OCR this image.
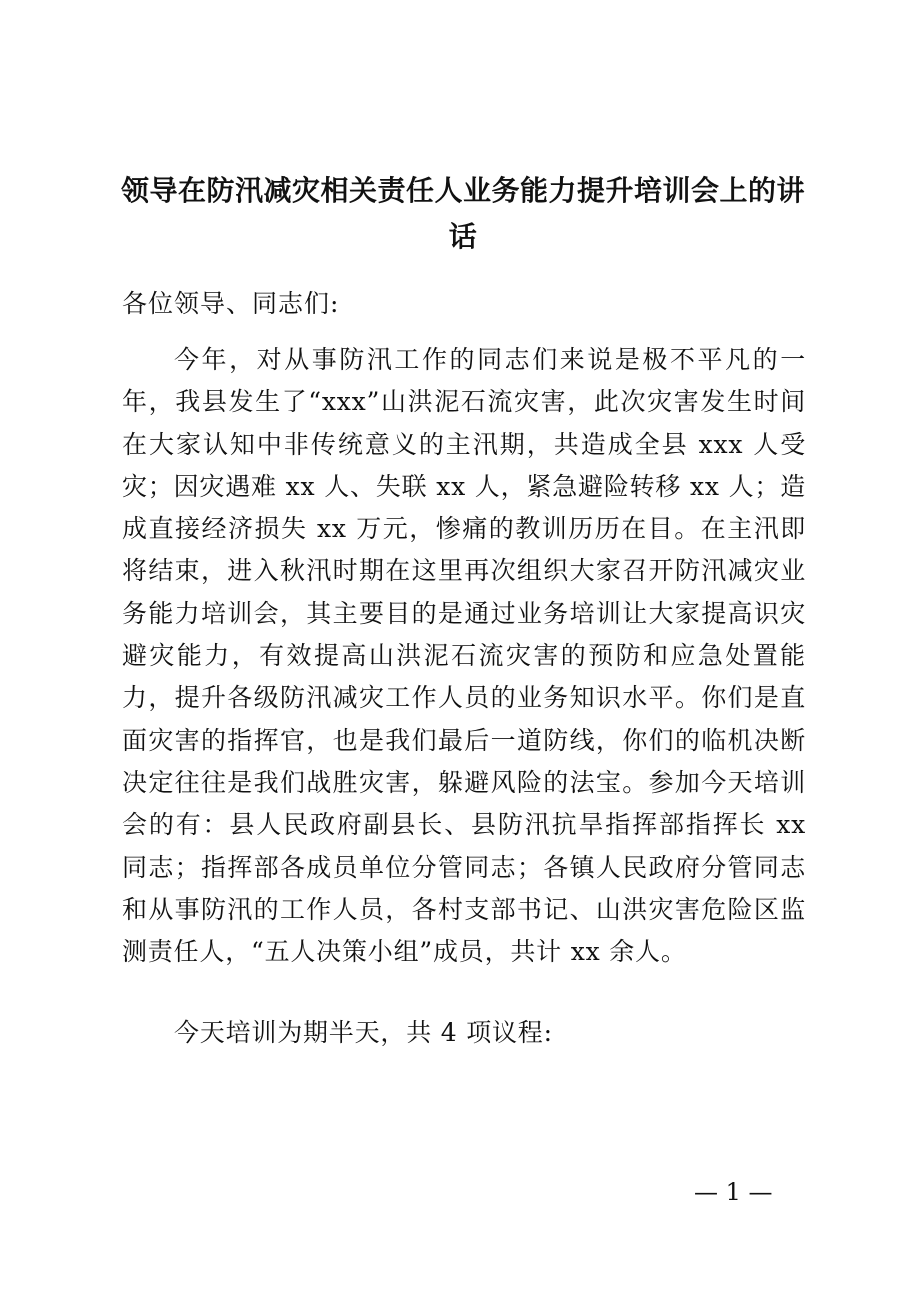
领导在防汛减灾相关责任人业务能力提升培训会上的讲话

各位领导、同志们:

今年，对从事防汛工作的同志们来说是极不平凡的一年，我县发生了“xxx”山洪泥石流灾害，此次灾害发生时间在大家认知中非传统意义的主汛期，共造成全县 xxx 人受灾；因灾遇难 xx 人、失联 xx 人，紧急避险转移 xx 人；造成直接经济损失 xx 万元，惨痛的教训历历在目。在主汛即将结束，进入秋汛时期在这里再次组织大家召开防汛减灾业务能力培训会，其主要目的是通过业务培训让大家提高识灾避灾能力，有效提高山洪泥石流灾害的预防和应急处置能力，提升各级防汛减灾工作人员的业务知识水平。你们是直面灾害的指挥官，也是我们最后一道防线，你们的临机决断决定往往是我们战胜灾害，躲避风险的法宝。参加今天培训会的有：县人民政府副县长、县防汛抗旱指挥部指挥长 xx 同志；指挥部各成员单位分管同志；各镇人民政府分管同志和从事防汛的工作人员，各村支部书记、山洪灾害危险区监测责任人，“五人决策小组”成员，共计 xx 余人。

今天培训为期半天，共 4 项议程:

— 1 —
